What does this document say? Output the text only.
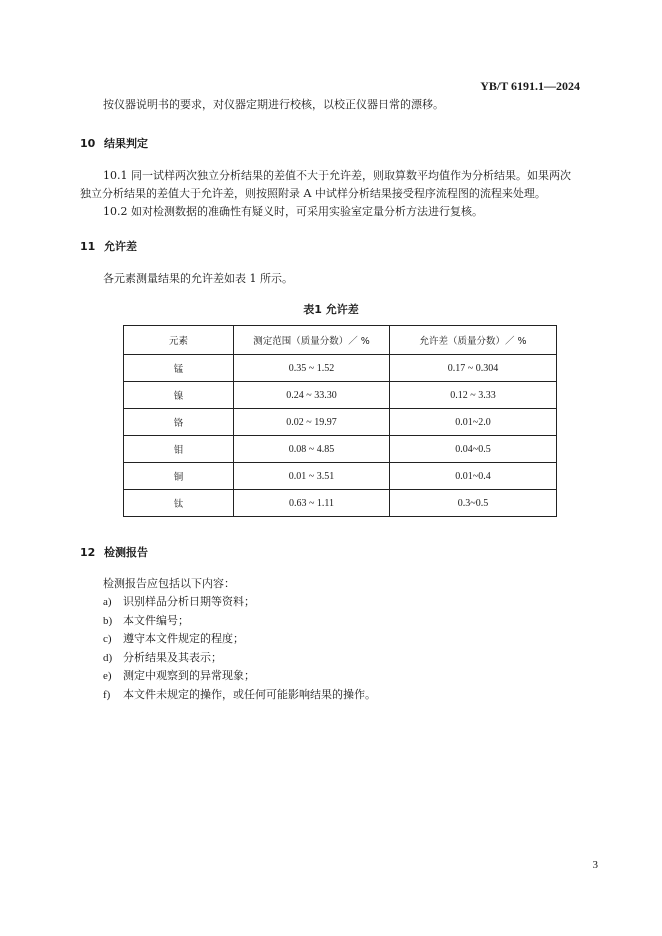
YB/T 6191.1—2024
按仪器说明书的要求，对仪器定期进行校核，以校正仪器日常的漂移。
10 结果判定
10.1 同一试样两次独立分析结果的差值不大于允许差，则取算数平均值作为分析结果。如果两次
独立分析结果的差值大于允许差，则按照附录 A 中试样分析结果接受程序流程图的流程来处理。
10.2 如对检测数据的准确性有疑义时，可采用实验室定量分析方法进行复核。
11 允许差
各元素测量结果的允许差如表 1 所示。
表1 允许差
元素	测定范围（质量分数）／ %	允许差（质量分数）／ %
锰	0.35 ~ 1.52	0.17 ~ 0.304
镍	0.24 ~ 33.30	0.12 ~ 3.33
铬	0.02 ~ 19.97	0.01~2.0
钼	0.08 ~ 4.85	0.04~0.5
铜	0.01 ~ 3.51	0.01~0.4
钛	0.63 ~ 1.11	0.3~0.5
12 检测报告
检测报告应包括以下内容：
a) 识别样品分析日期等资料；
b) 本文件编号；
c) 遵守本文件规定的程度；
d) 分析结果及其表示；
e) 测定中观察到的异常现象；
f) 本文件未规定的操作，或任何可能影响结果的操作。
3
